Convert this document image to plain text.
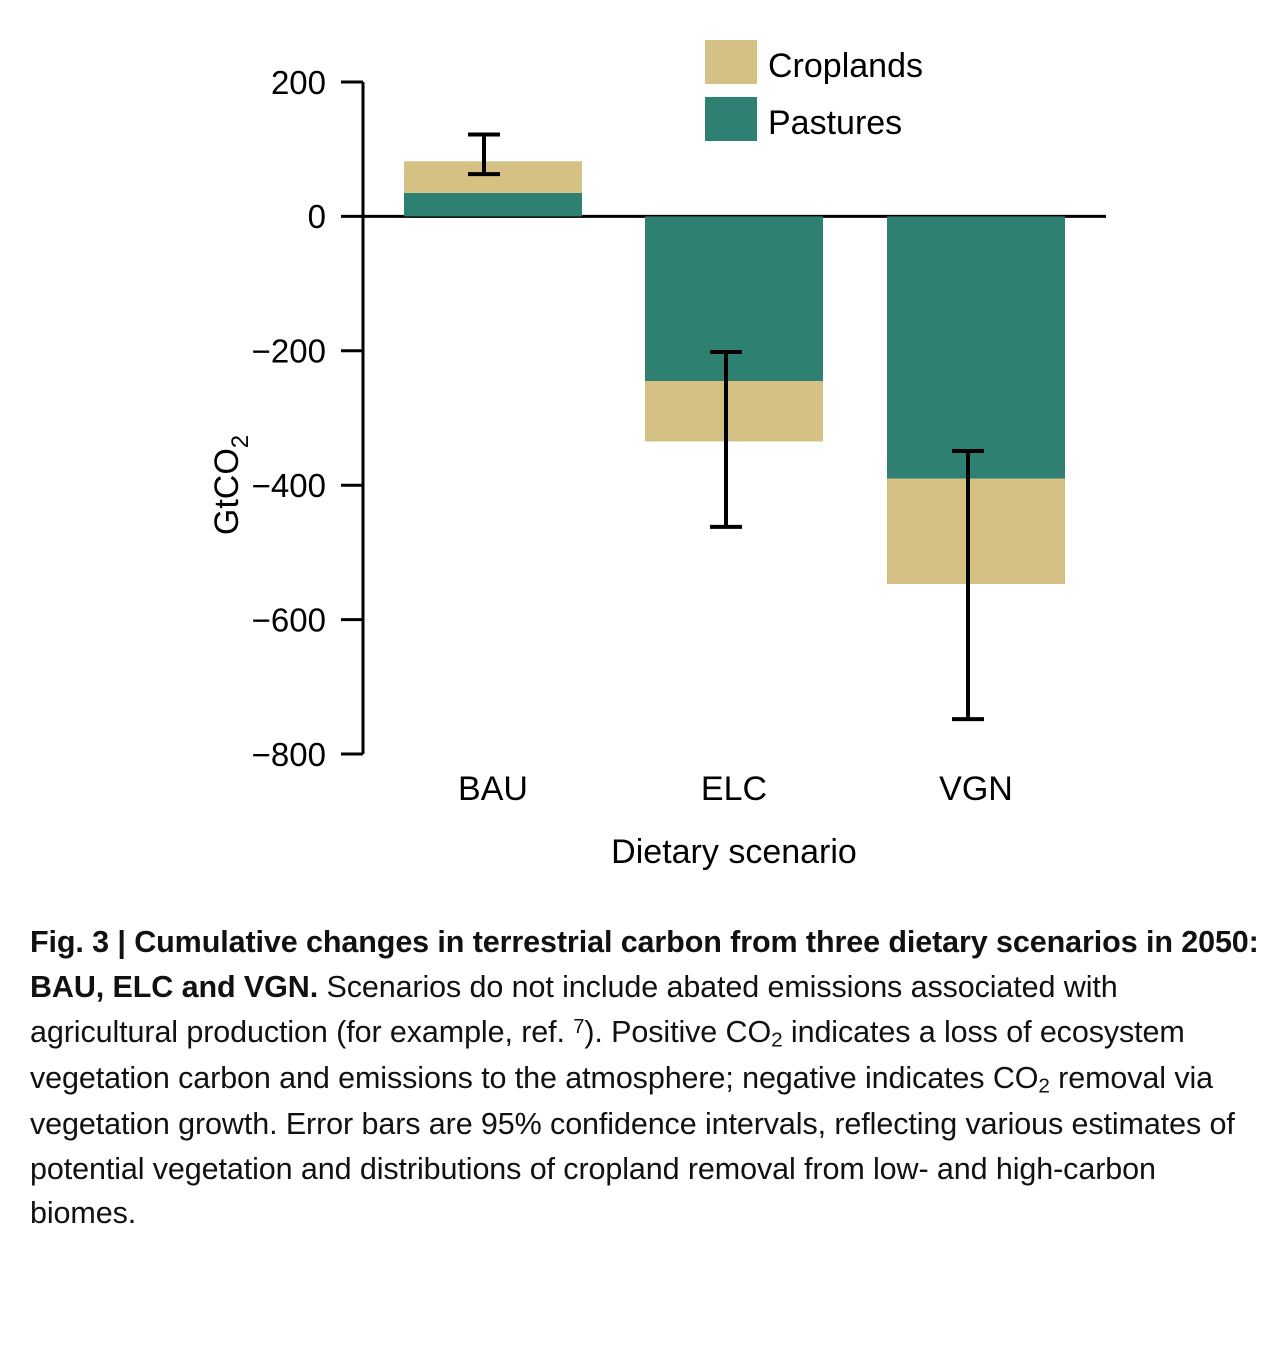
200
0
−200
−400
−600
−800
GtCO$_2$
BAU	ELC	VGN
Dietary scenario
Croplands
Pastures
Fig. 3 | Cumulative changes in terrestrial carbon from three dietary scenarios in 2050: BAU, ELC and VGN. Scenarios do not include abated emissions associated with agricultural production (for example, ref. $^7$). Positive $CO_2$ indicates a loss of ecosystem vegetation carbon and emissions to the atmosphere; negative indicates $CO_2$ removal via vegetation growth. Error bars are 95% confidence intervals, reflecting various estimates of potential vegetation and distributions of cropland removal from low- and high-carbon biomes.
